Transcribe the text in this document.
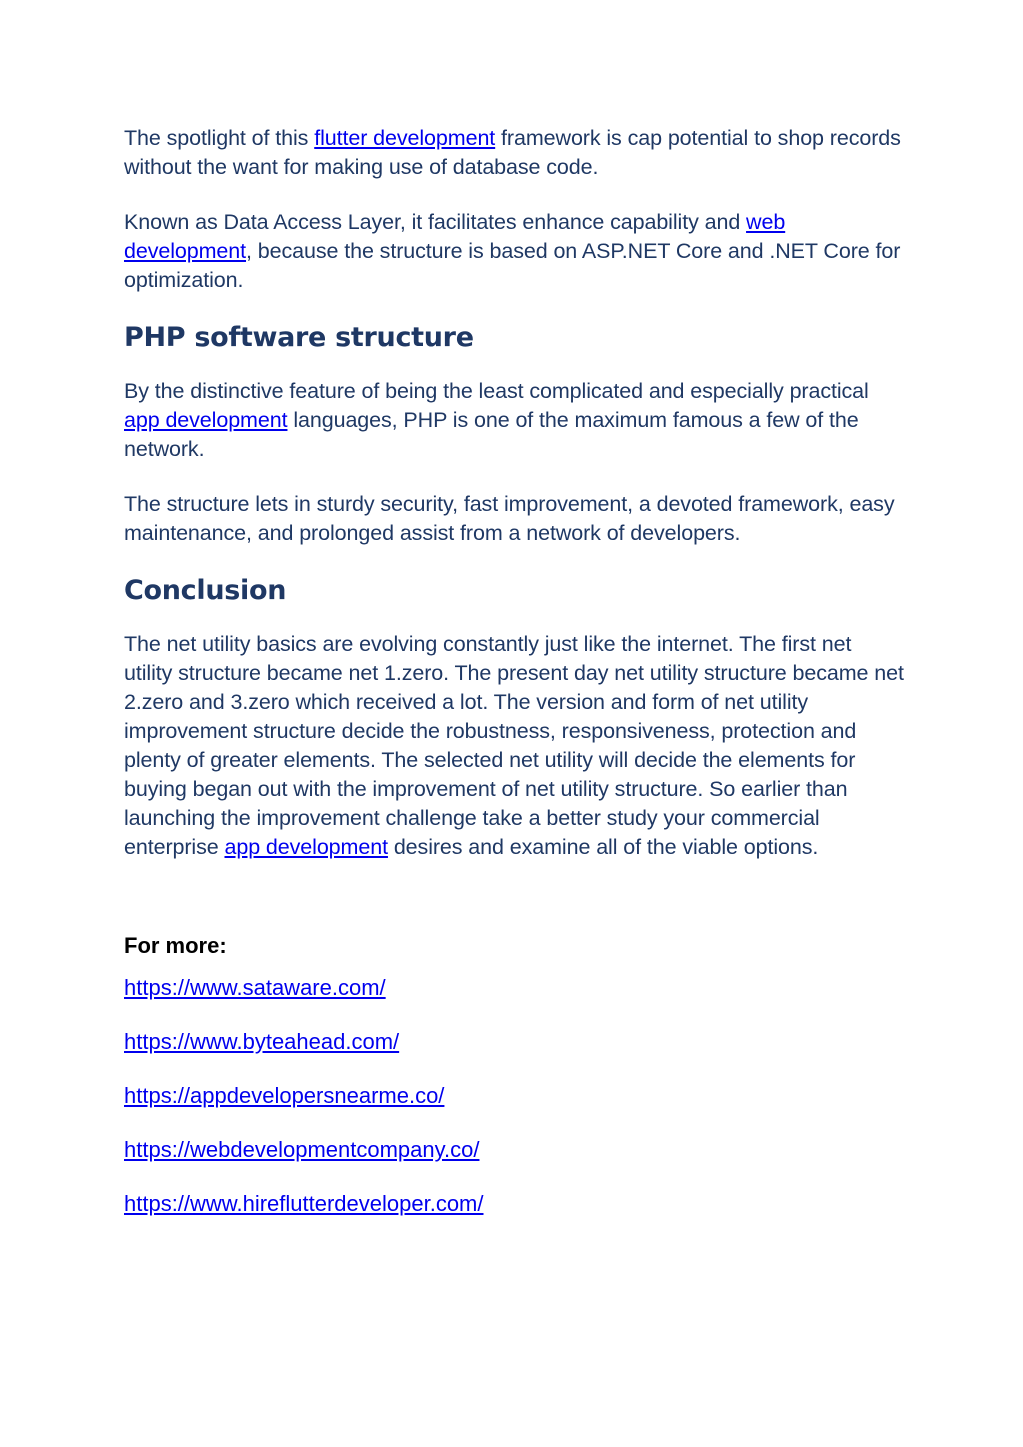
The spotlight of this flutter development framework is cap potential to shop records without the want for making use of database code.

Known as Data Access Layer, it facilitates enhance capability and web development, because the structure is based on ASP.NET Core and .NET Core for optimization.

PHP software structure

By the distinctive feature of being the least complicated and especially practical app development languages, PHP is one of the maximum famous a few of the network.

The structure lets in sturdy security, fast improvement, a devoted framework, easy maintenance, and prolonged assist from a network of developers.

Conclusion

The net utility basics are evolving constantly just like the internet. The first net utility structure became net 1.zero. The present day net utility structure became net 2.zero and 3.zero which received a lot. The version and form of net utility improvement structure decide the robustness, responsiveness, protection and plenty of greater elements. The selected net utility will decide the elements for buying began out with the improvement of net utility structure. So earlier than launching the improvement challenge take a better study your commercial enterprise app development desires and examine all of the viable options.

For more:
https://www.sataware.com/
https://www.byteahead.com/
https://appdevelopersnearme.co/
https://webdevelopmentcompany.co/
https://www.hireflutterdeveloper.com/
